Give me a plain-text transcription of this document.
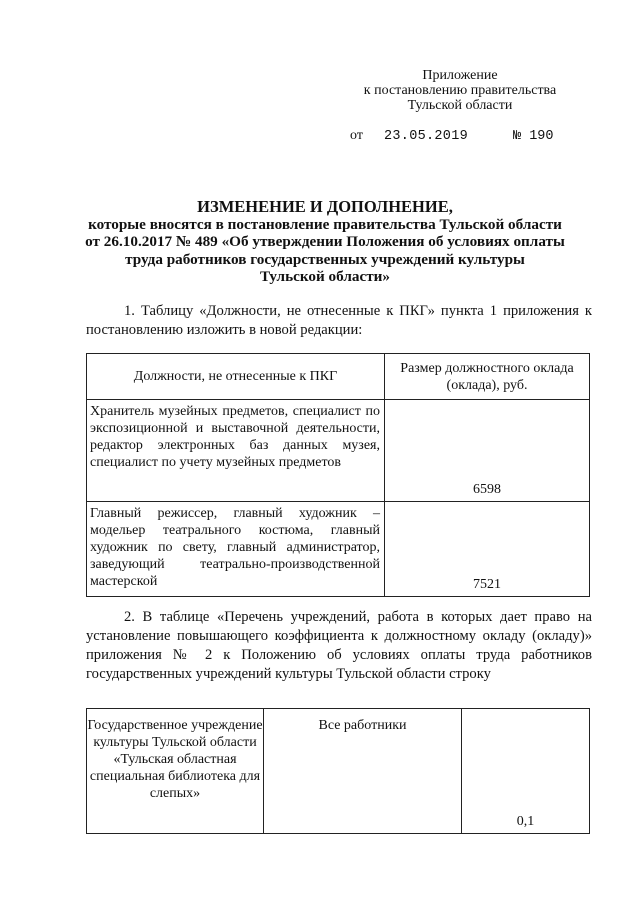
Приложение
к постановлению правительства
Тульской области
от 23.05.2019	№ 190
ИЗМЕНЕНИЕ И ДОПОЛНЕНИЕ,
которые вносятся в постановление правительства Тульской области
от 26.10.2017 № 489 «Об утверждении Положения об условиях оплаты
труда работников государственных учреждений культуры
Тульской области»
1. Таблицу «Должности, не отнесенные к ПКГ» пункта 1 приложения к постановлению изложить в новой редакции:
Должности, не отнесенные к ПКГ	Размер должностного оклада (оклада), руб.
Хранитель музейных предметов, специалист по экспозиционной и выставочной деятельности, редактор электронных баз данных музея, специалист по учету музейных предметов	6598
Главный режиссер, главный художник – модельер театрального костюма, главный художник по свету, главный администратор, заведующий театрально-производственной мастерской	7521
2. В таблице «Перечень учреждений, работа в которых дает право на установление повышающего коэффициента к должностному окладу (окладу)» приложения № 2 к Положению об условиях оплаты труда работников государственных учреждений культуры Тульской области строку
Государственное учреждение культуры Тульской области «Тульская областная специальная библиотека для слепых»	Все работники	0,1
